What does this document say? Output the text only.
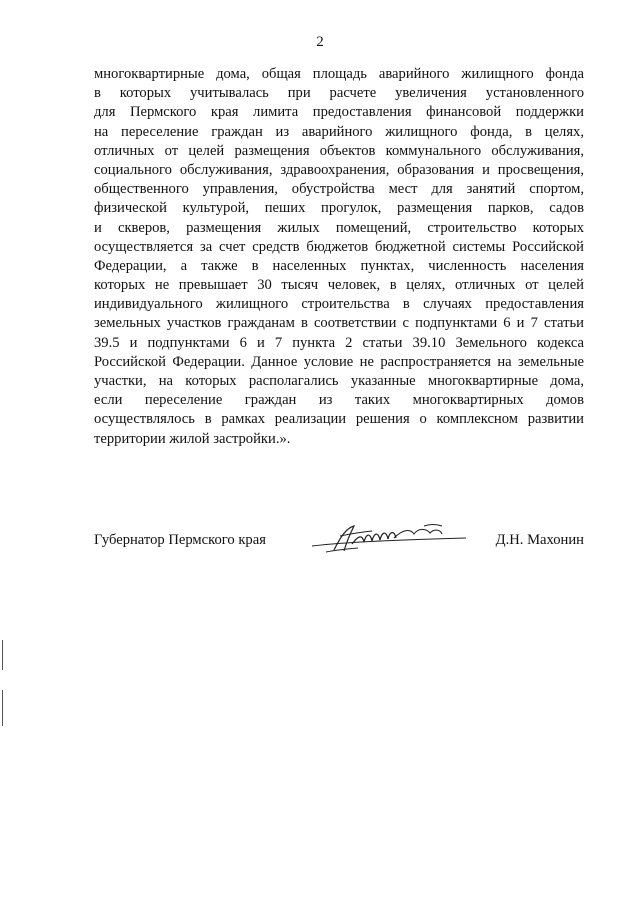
2
многоквартирные дома, общая площадь аварийного жилищного фонда
в которых учитывалась при расчете увеличения установленного
для Пермского края лимита предоставления финансовой поддержки
на переселение граждан из аварийного жилищного фонда, в целях,
отличных от целей размещения объектов коммунального обслуживания,
социального обслуживания, здравоохранения, образования и просвещения,
общественного управления, обустройства мест для занятий спортом,
физической культурой, пеших прогулок, размещения парков, садов
и скверов, размещения жилых помещений, строительство которых
осуществляется за счет средств бюджетов бюджетной системы Российской
Федерации, а также в населенных пунктах, численность населения
которых не превышает 30 тысяч человек, в целях, отличных от целей
индивидуального жилищного строительства в случаях предоставления
земельных участков гражданам в соответствии с подпунктами 6 и 7 статьи
39.5 и подпунктами 6 и 7 пункта 2 статьи 39.10 Земельного кодекса
Российской Федерации. Данное условие не распространяется на земельные
участки, на которых располагались указанные многоквартирные дома,
если переселение граждан из таких многоквартирных домов
осуществлялось в рамках реализации решения о комплексном развитии
территории жилой застройки.».
Губернатор Пермского края	Д.Н. Махонин
